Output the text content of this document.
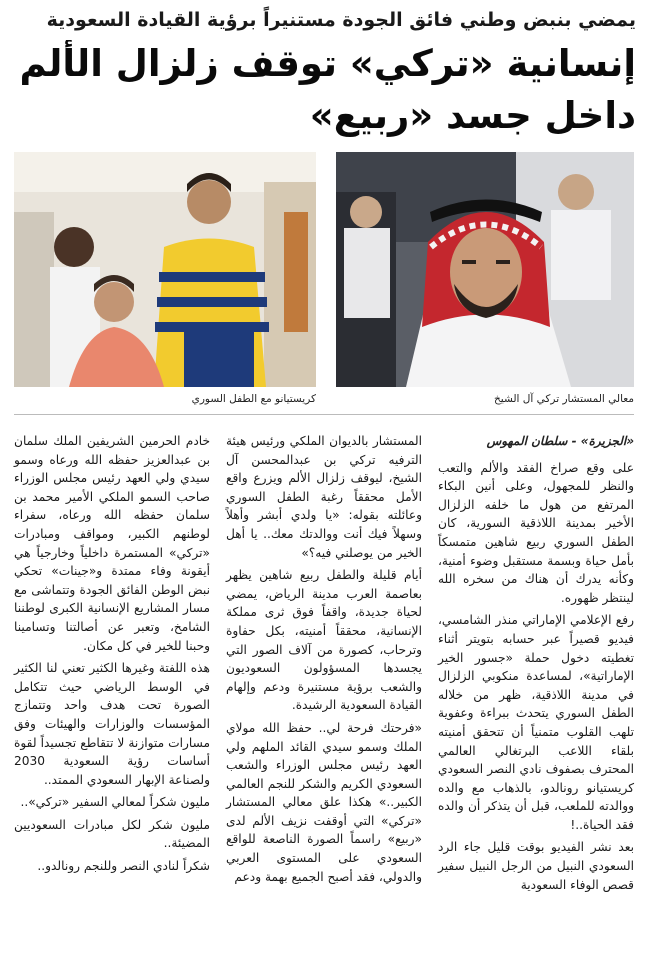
يمضي بنبض وطني فائق الجودة مستنيراً برؤية القيادة السعودية
إنسانية «تركي» توقف زلزال الألم
داخل جسد «ربيع»
معالي المستشار تركي آل الشيخ
كريستيانو مع الطفل السوري
«الجزيرة» - سلطان المهوس

على وقع صراخ الفقد والألم والتعب والنظر للمجهول، وعلى أنين البكاء المرتفع من هول ما خلفه الزلزال الأخير بمدينة اللاذقية السورية، كان الطفل السوري ربيع شاهين متمسكاً بأمل حياة وبسمة مستقبل وضوء أمنية، وكأنه يدرك أن هناك من سخره الله لينتظر ظهوره.

رفع الإعلامي الإماراتي منذر الشامسي، فيديو قصيراً عبر حسابه بتويتر أثناء تغطيته دخول حملة «جسور الخير الإماراتية»، لمساعدة منكوبي الزلزال في مدينة اللاذقية، ظهر من خلاله الطفل السوري يتحدث ببراءة وعفوية تلهب القلوب متمنياً أن تتحقق أمنيته بلقاء اللاعب البرتغالي العالمي المحترف بصفوف نادي النصر السعودي كريستيانو رونالدو، بالذهاب مع والده ووالدته للملعب، قبل أن يتذكر أن والده فقد الحياة..!

بعد نشر الفيديو بوقت قليل جاء الرد السعودي النبيل من الرجل النبيل سفير قصص الوفاء السعودية

المستشار بالديوان الملكي ورئيس هيئة الترفيه تركي بن عبدالمحسن آل الشيخ، ليوقف زلزال الألم ويزرع واقع الأمل محققاً رغبة الطفل السوري وعائلته بقوله: «يا ولدي أبشر وأهلاً وسهلاً فيك أنت ووالدتك معك.. يا أهل الخير من يوصلني فيه؟»

أيام قليلة والطفل ربيع شاهين يظهر بعاصمة العرب مدينة الرياض، يمضي لحياة جديدة، واقفاً فوق ثرى مملكة الإنسانية، محققاً أمنيته، بكل حفاوة وترحاب، كصورة من آلاف الصور التي يجسدها المسؤولون السعوديون والشعب برؤية مستنيرة ودعم وإلهام القيادة السعودية الرشيدة.

«فرحتك فرحة لي.. حفظ الله مولاي الملك وسمو سيدي القائد الملهم ولي العهد رئيس مجلس الوزراء والشعب السعودي الكريم والشكر للنجم العالمي الكبير..» هكذا علق معالي المستشار «تركي» التي أوقفت نزيف الألم لدى «ربيع» راسماً الصورة الناصعة للواقع السعودي على المستوى العربي والدولي، فقد أصبح الجميع بهمة ودعم

خادم الحرمين الشريفين الملك سلمان بن عبدالعزيز حفظه الله ورعاه وسمو سيدي ولي العهد رئيس مجلس الوزراء صاحب السمو الملكي الأمير محمد بن سلمان حفظه الله ورعاه، سفراء لوطنهم الكبير، ومواقف ومبادرات «تركي» المستمرة داخلياً وخارجياً هي أيقونة وفاء ممتدة و«جينات» تحكي نبض الوطن الفائق الجودة وتتماشى مع مسار المشاريع الإنسانية الكبرى لوطننا الشامخ، وتعبر عن أصالتنا وتسامينا وحبنا للخير في كل مكان.

هذه اللفتة وغيرها الكثير تعني لنا الكثير في الوسط الرياضي حيث تتكامل الصورة تحت هدف واحد وتتمازج المؤسسات والوزارات والهيئات وفق مسارات متوازنة لا تتقاطع تجسيداً لقوة أساسات رؤية السعودية 2030 ولصناعة الإبهار السعودي الممتد..

مليون شكراً لمعالي السفير «تركي»..

مليون شكر لكل مبادرات السعوديين المضيئة..

شكراً لنادي النصر وللنجم رونالدو..
